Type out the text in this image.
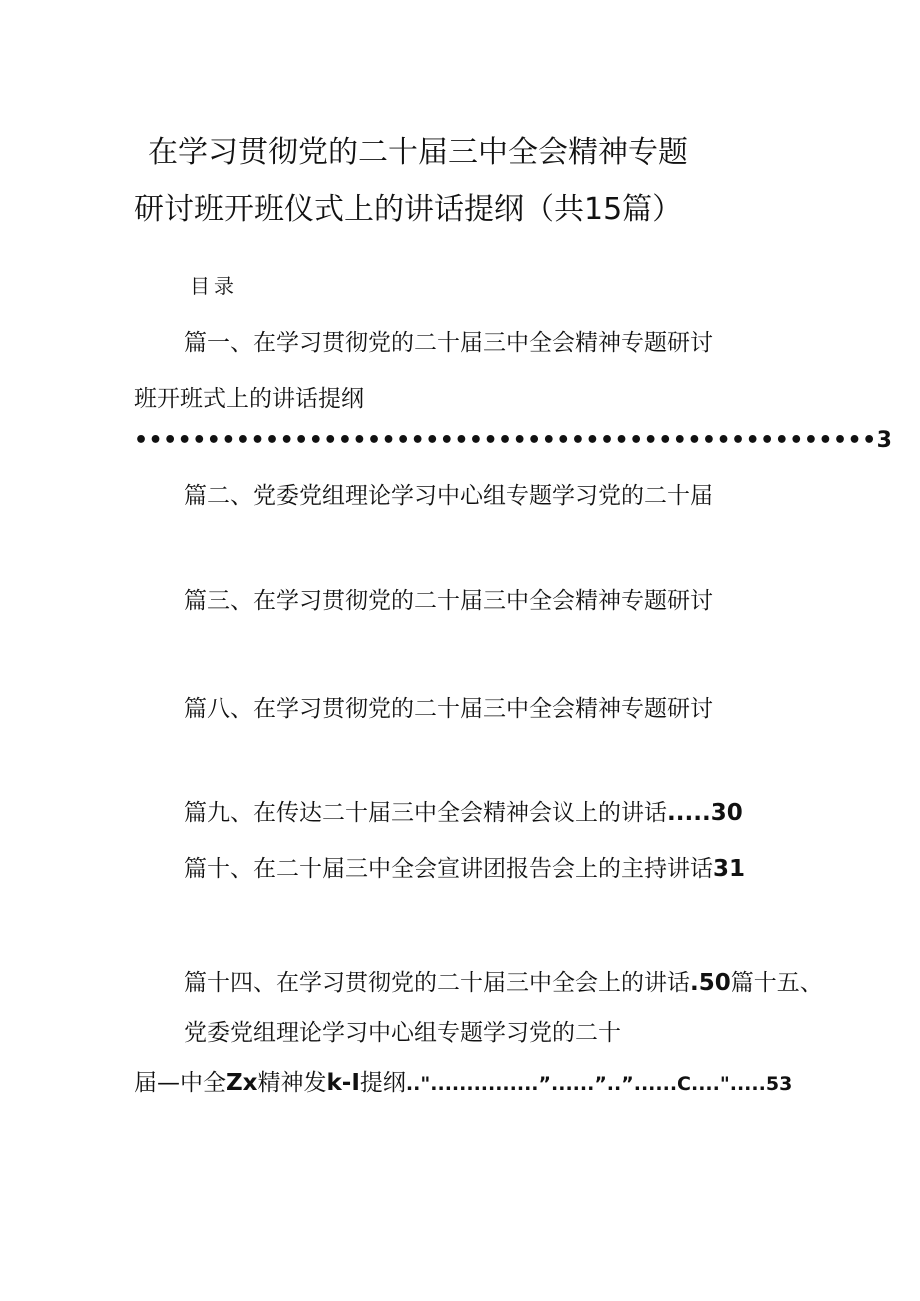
在学习贯彻党的二十届三中全会精神专题
研讨班开班仪式上的讲话提纲（共15篇）
目录
篇一、在学习贯彻党的二十届三中全会精神专题研讨
班开班式上的讲话提纲
•••••••••••••••••••••••••••••••••••••••••••••••••••3
篇二、党委党组理论学习中心组专题学习党的二十届
篇三、在学习贯彻党的二十届三中全会精神专题研讨
篇八、在学习贯彻党的二十届三中全会精神专题研讨
篇九、在传达二十届三中全会精神会议上的讲话.....30
篇十、在二十届三中全会宣讲团报告会上的主持讲话31
篇十四、在学习贯彻党的二十届三中全会上的讲话.50篇十五、
党委党组理论学习中心组专题学习党的二十
届—中全Zx精神发k-I提纲.."...............”......”..”......C....".....53
